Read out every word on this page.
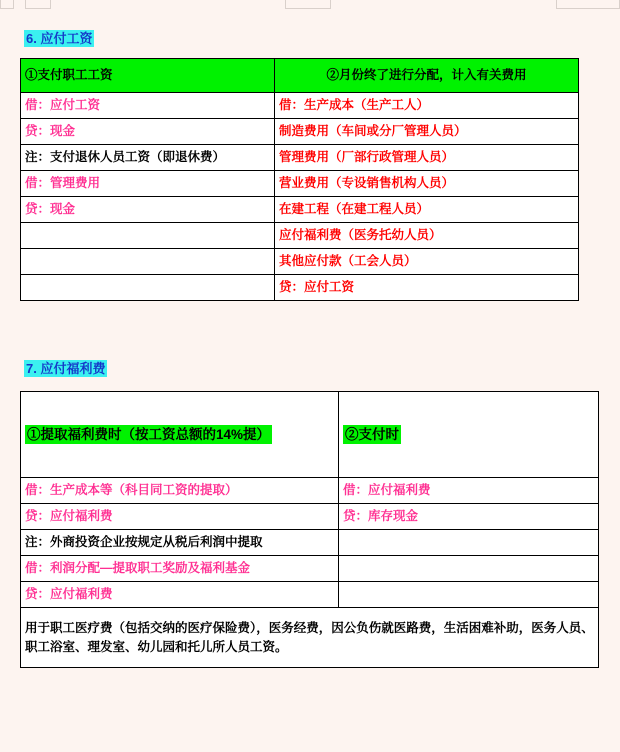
6. 应付工资
①支付职工工资	②月份终了进行分配，计入有关费用
借：应付工资	借：生产成本（生产工人）
贷：现金	制造费用（车间或分厂管理人员）
注：支付退休人员工资（即退休费）	管理费用（厂部行政管理人员）
借：管理费用	营业费用（专设销售机构人员）
贷：现金	在建工程（在建工程人员）
	应付福利费（医务托幼人员）
	其他应付款（工会人员）
	贷：应付工资
7. 应付福利费
①提取福利费时（按工资总额的14%提）	②支付时
借：生产成本等（科目同工资的提取）	借：应付福利费
贷：应付福利费	贷：库存现金
注：外商投资企业按规定从税后利润中提取	
借：利润分配—提取职工奖励及福利基金	
贷：应付福利费	
用于职工医疗费（包括交纳的医疗保险费），医务经费，因公负伤就医路费，生活困难补助，医务人员、职工浴室、理发室、幼儿园和托儿所人员工资。	
